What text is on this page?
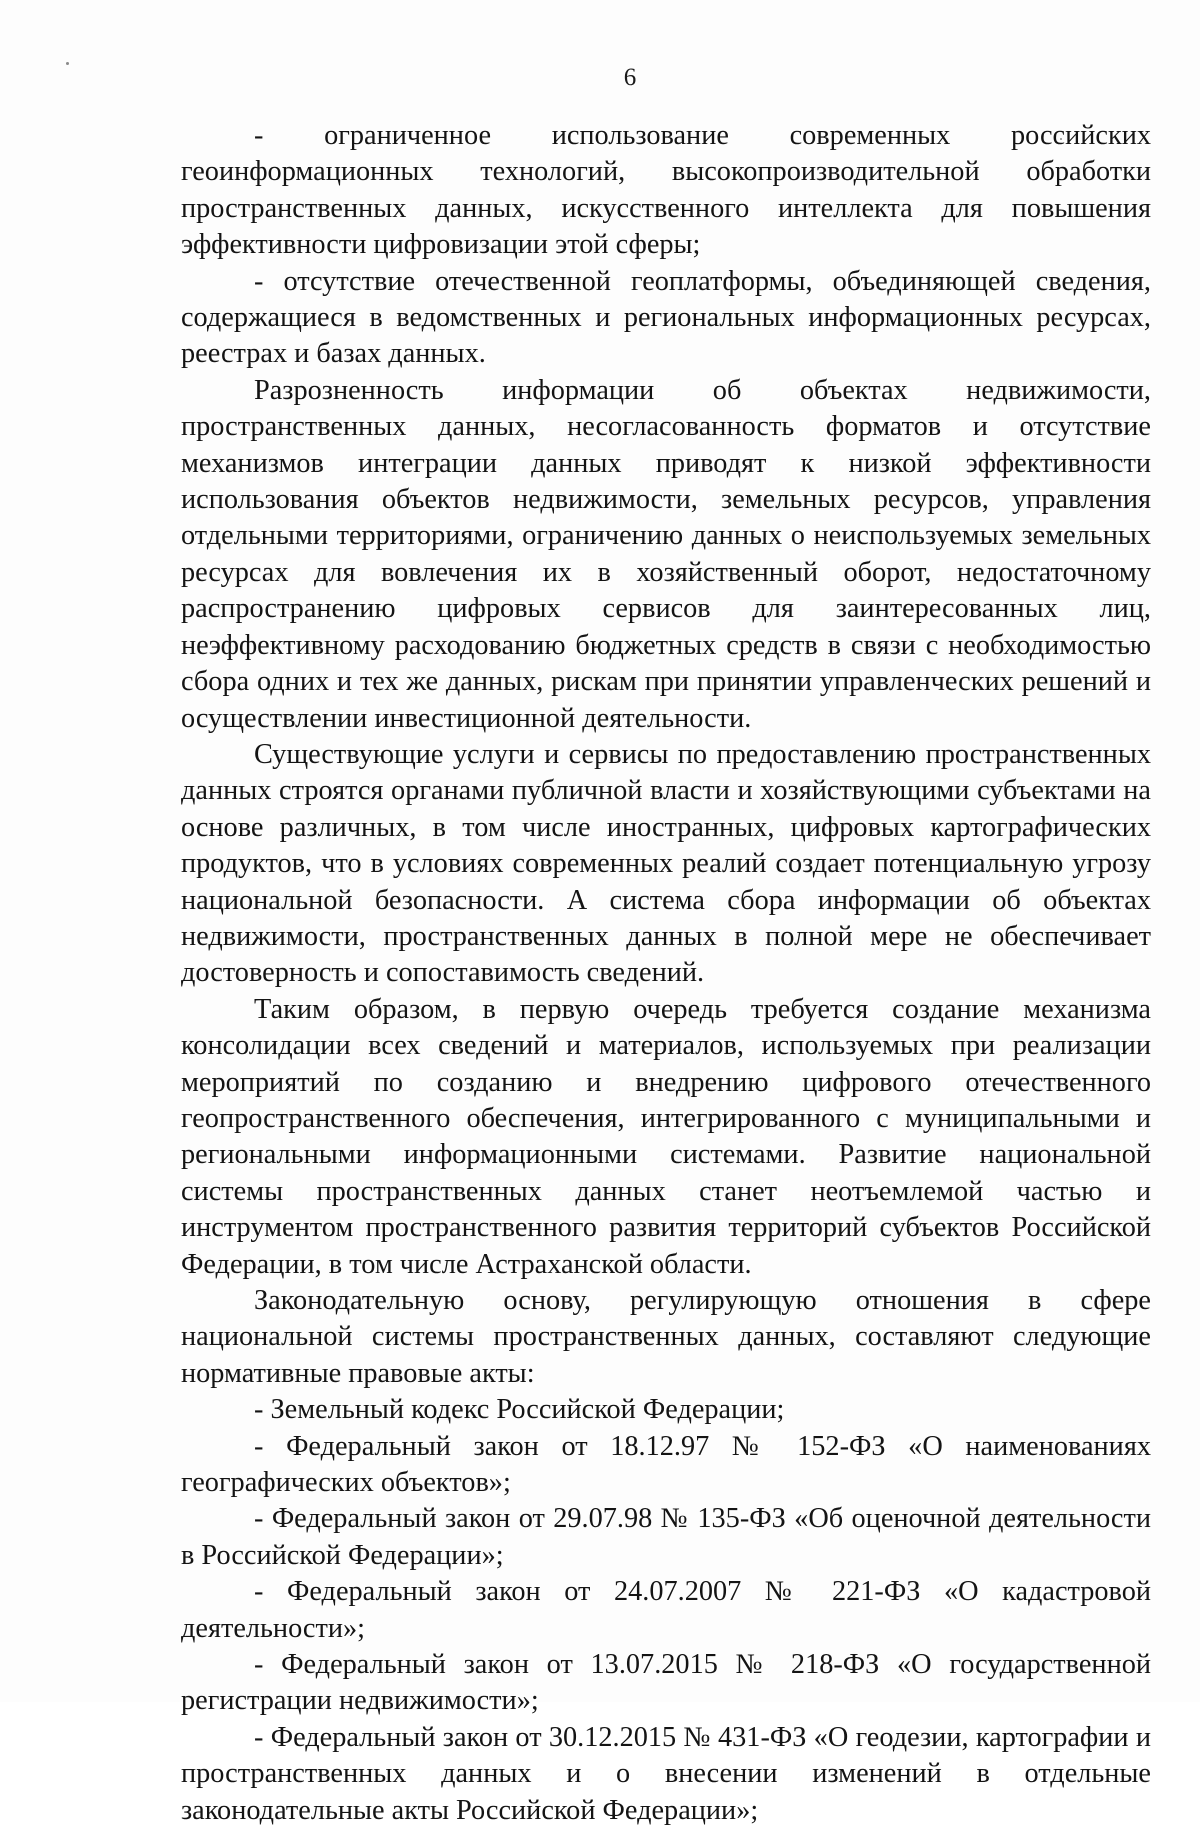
6

- ограниченное использование современных российских геоинформационных технологий, высокопроизводительной обработки пространственных данных, искусственного интеллекта для повышения эффективности цифровизации этой сферы;

- отсутствие отечественной геоплатформы, объединяющей сведения, содержащиеся в ведомственных и региональных информационных ресурсах, реестрах и базах данных.

Разрозненность информации об объектах недвижимости, пространственных данных, несогласованность форматов и отсутствие механизмов интеграции данных приводят к низкой эффективности использования объектов недвижимости, земельных ресурсов, управления отдельными территориями, ограничению данных о неиспользуемых земельных ресурсах для вовлечения их в хозяйственный оборот, недостаточному распространению цифровых сервисов для заинтересованных лиц, неэффективному расходованию бюджетных средств в связи с необходимостью сбора одних и тех же данных, рискам при принятии управленческих решений и осуществлении инвестиционной деятельности.

Существующие услуги и сервисы по предоставлению пространственных данных строятся органами публичной власти и хозяйствующими субъектами на основе различных, в том числе иностранных, цифровых картографических продуктов, что в условиях современных реалий создает потенциальную угрозу национальной безопасности. А система сбора информации об объектах недвижимости, пространственных данных в полной мере не обеспечивает достоверность и сопоставимость сведений.

Таким образом, в первую очередь требуется создание механизма консолидации всех сведений и материалов, используемых при реализации мероприятий по созданию и внедрению цифрового отечественного геопространственного обеспечения, интегрированного с муниципальными и региональными информационными системами. Развитие национальной системы пространственных данных станет неотъемлемой частью и инструментом пространственного развития территорий субъектов Российской Федерации, в том числе Астраханской области.

Законодательную основу, регулирующую отношения в сфере национальной системы пространственных данных, составляют следующие нормативные правовые акты:

- Земельный кодекс Российской Федерации;

- Федеральный закон от 18.12.97 № 152-ФЗ «О наименованиях географических объектов»;

- Федеральный закон от 29.07.98 № 135-ФЗ «Об оценочной деятельности в Российской Федерации»;

- Федеральный закон от 24.07.2007 № 221-ФЗ «О кадастровой деятельности»;

- Федеральный закон от 13.07.2015 № 218-ФЗ «О государственной регистрации недвижимости»;

- Федеральный закон от 30.12.2015 № 431-ФЗ «О геодезии, картографии и пространственных данных и о внесении изменений в отдельные законодательные акты Российской Федерации»;
